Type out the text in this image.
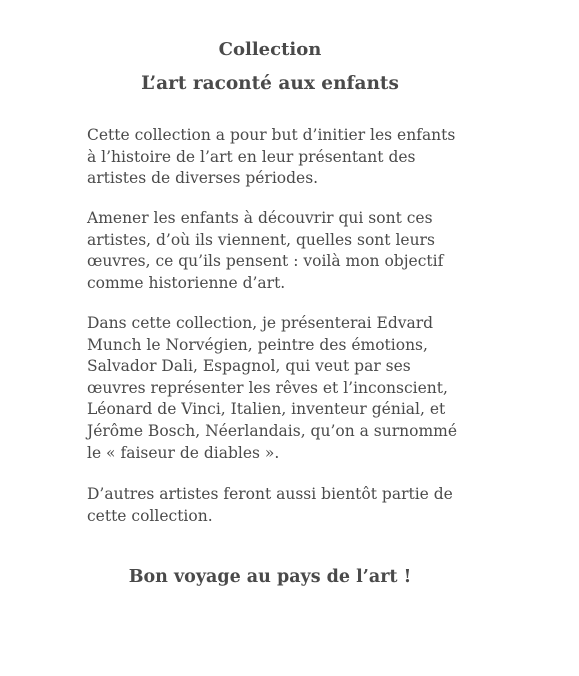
Collection
L’art raconté aux enfants

Cette collection a pour but d’initier les enfants
à l’histoire de l’art en leur présentant des
artistes de diverses périodes.

Amener les enfants à découvrir qui sont ces
artistes, d’où ils viennent, quelles sont leurs
œuvres, ce qu’ils pensent : voilà mon objectif
comme historienne d’art.

Dans cette collection, je présenterai Edvard
Munch le Norvégien, peintre des émotions,
Salvador Dali, Espagnol, qui veut par ses
œuvres représenter les rêves et l’inconscient,
Léonard de Vinci, Italien, inventeur génial, et
Jérôme Bosch, Néerlandais, qu’on a surnommé
le « faiseur de diables ».

D’autres artistes feront aussi bientôt partie de
cette collection.

Bon voyage au pays de l’art !
